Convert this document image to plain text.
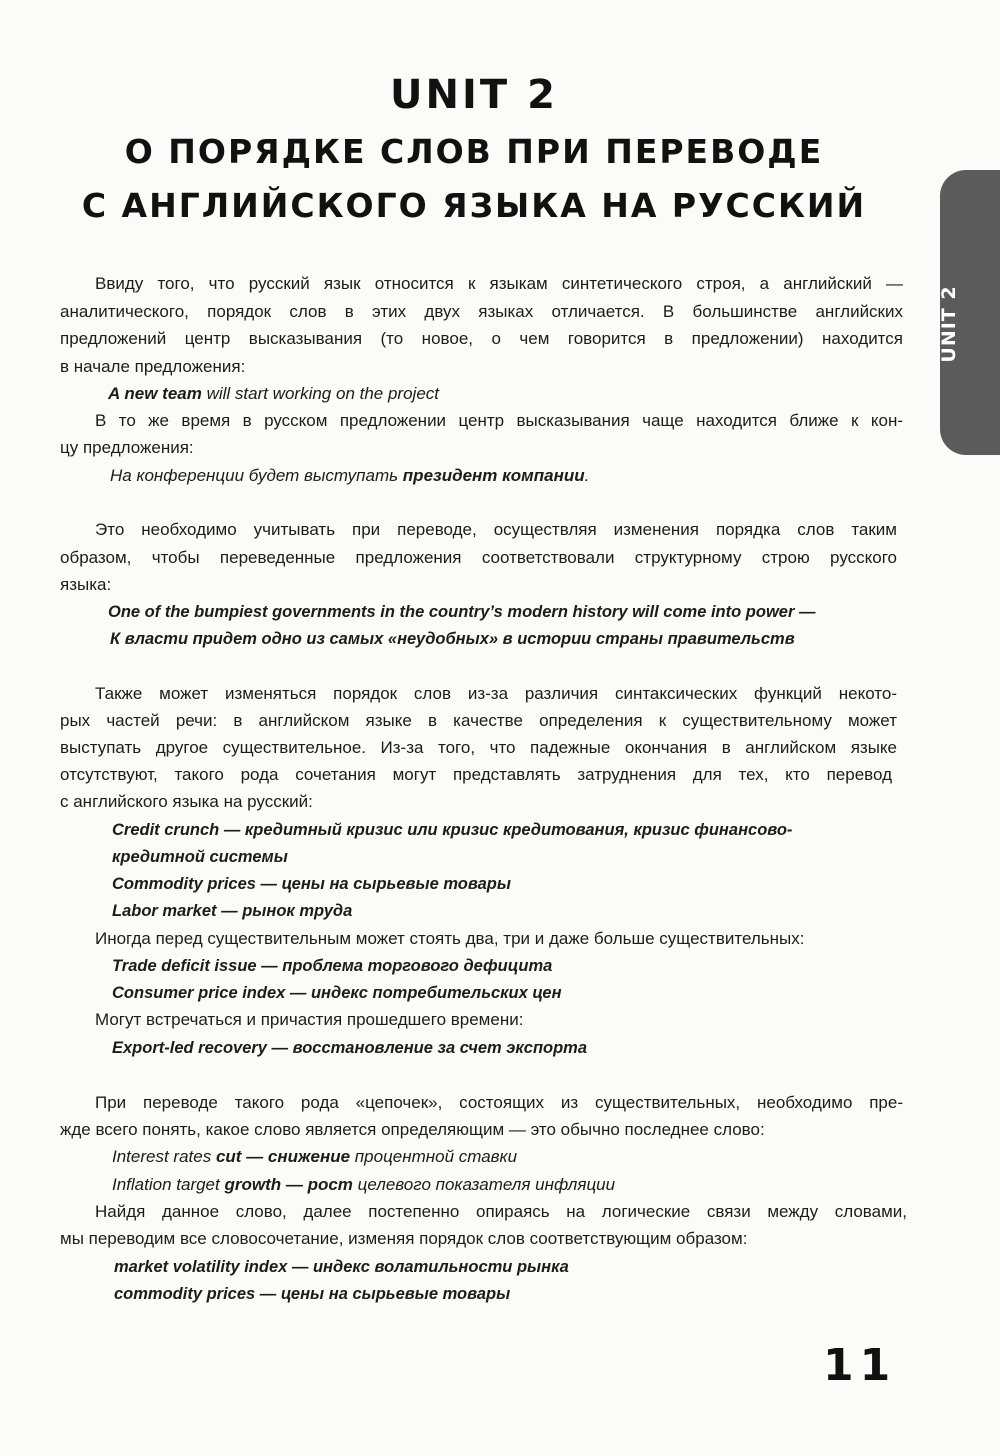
UNIT 2
О ПОРЯДКЕ СЛОВ ПРИ ПЕРЕВОДЕ
С АНГЛИЙСКОГО ЯЗЫКА НА РУССКИЙ
UNIT 2
Ввиду того, что русский язык относится к языкам синтетического строя, а английский —
аналитического, порядок слов в этих двух языках отличается. В большинстве английских
предложений центр высказывания (то новое, о чем говорится в предложении) находится
в начале предложения:
A new team will start working on the project
В то же время в русском предложении центр высказывания чаще находится ближе к кон-
цу предложения:
На конференции будет выступать президент компании.
Это необходимо учитывать при переводе, осуществляя изменения порядка слов таким
образом, чтобы переведенные предложения соответствовали структурному строю русского
языка:
One of the bumpiest governments in the country’s modern history will come into power —
К власти придет одно из самых «неудобных» в истории страны правительств
Также может изменяться порядок слов из-за различия синтаксических функций некото-
рых частей речи: в английском языке в качестве определения к существительному может
выступать другое существительное. Из-за того, что падежные окончания в английском языке
отсутствуют, такого рода сочетания могут представлять затруднения для тех, кто перевод
с английского языка на русский:
Credit crunch — кредитный кризис или кризис кредитования, кризис финансово-
кредитной системы
Commodity prices — цены на сырьевые товары
Labor market — рынок труда
Иногда перед существительным может стоять два, три и даже больше существительных:
Trade deficit issue — проблема торгового дефицита
Consumer price index — индекс потребительских цен
Могут встречаться и причастия прошедшего времени:
Export-led recovery — восстановление за счет экспорта
При переводе такого рода «цепочек», состоящих из существительных, необходимо пре-
жде всего понять, какое слово является определяющим — это обычно последнее слово:
Interest rates cut — снижение процентной ставки
Inflation target growth — рост целевого показателя инфляции
Найдя данное слово, далее постепенно опираясь на логические связи между словами,
мы переводим все словосочетание, изменяя порядок слов соответствующим образом:
market volatility index — индекс волатильности рынка
commodity prices — цены на сырьевые товары
11
